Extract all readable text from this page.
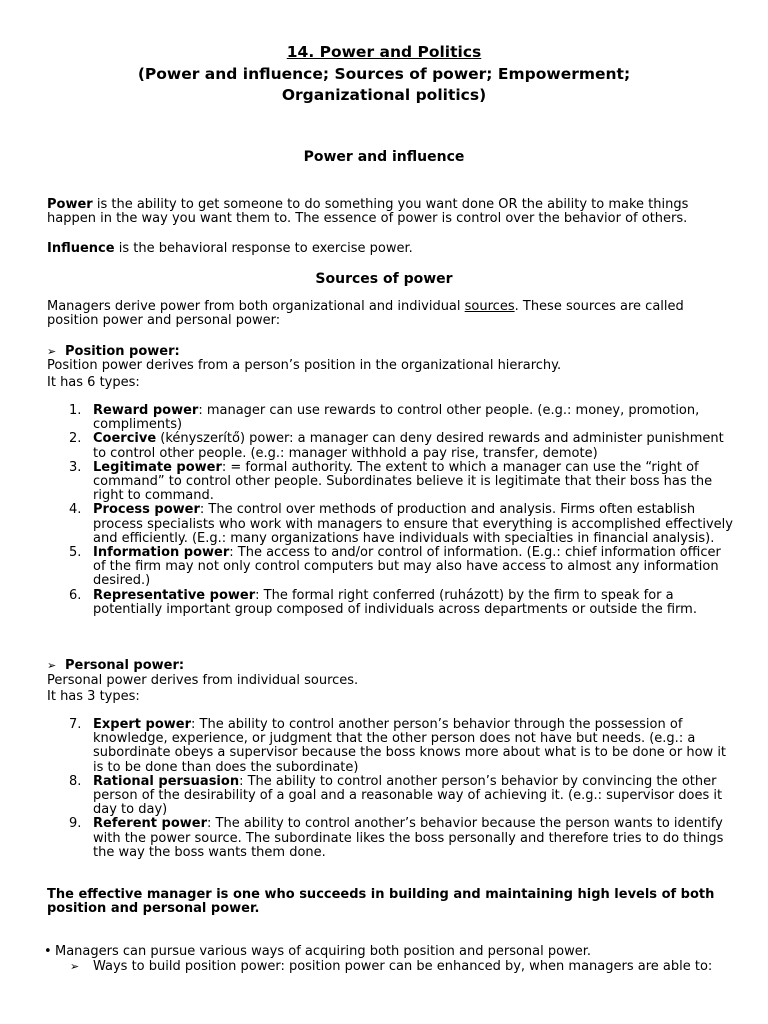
14. Power and Politics
(Power and influence; Sources of power; Empowerment;
Organizational politics)
Power and influence
Power is the ability to get someone to do something you want done OR the ability to make things happen in the way you want them to. The essence of power is control over the behavior of others.
Influence is the behavioral response to exercise power.
Sources of power
Managers derive power from both organizational and individual sources. These sources are called position power and personal power:
➢ Position power:
Position power derives from a person’s position in the organizational hierarchy.
It has 6 types:
1. Reward power: manager can use rewards to control other people. (e.g.: money, promotion, compliments)
2. Coercive (kényszerítő) power: a manager can deny desired rewards and administer punishment to control other people. (e.g.: manager withhold a pay rise, transfer, demote)
3. Legitimate power: = formal authority. The extent to which a manager can use the “right of command” to control other people. Subordinates believe it is legitimate that their boss has the right to command.
4. Process power: The control over methods of production and analysis. Firms often establish process specialists who work with managers to ensure that everything is accomplished effectively and efficiently. (E.g.: many organizations have individuals with specialties in financial analysis).
5. Information power: The access to and/or control of information. (E.g.: chief information officer of the firm may not only control computers but may also have access to almost any information desired.)
6. Representative power: The formal right conferred (ruházott) by the firm to speak for a potentially important group composed of individuals across departments or outside the firm.
➢ Personal power:
Personal power derives from individual sources.
It has 3 types:
7. Expert power: The ability to control another person’s behavior through the possession of knowledge, experience, or judgment that the other person does not have but needs. (e.g.: a subordinate obeys a supervisor because the boss knows more about what is to be done or how it is to be done than does the subordinate)
8. Rational persuasion: The ability to control another person’s behavior by convincing the other person of the desirability of a goal and a reasonable way of achieving it. (e.g.: supervisor does it day to day)
9. Referent power: The ability to control another’s behavior because the person wants to identify with the power source. The subordinate likes the boss personally and therefore tries to do things the way the boss wants them done.
The effective manager is one who succeeds in building and maintaining high levels of both position and personal power.
• Managers can pursue various ways of acquiring both position and personal power.
➢ Ways to build position power: position power can be enhanced by, when managers are able to:
